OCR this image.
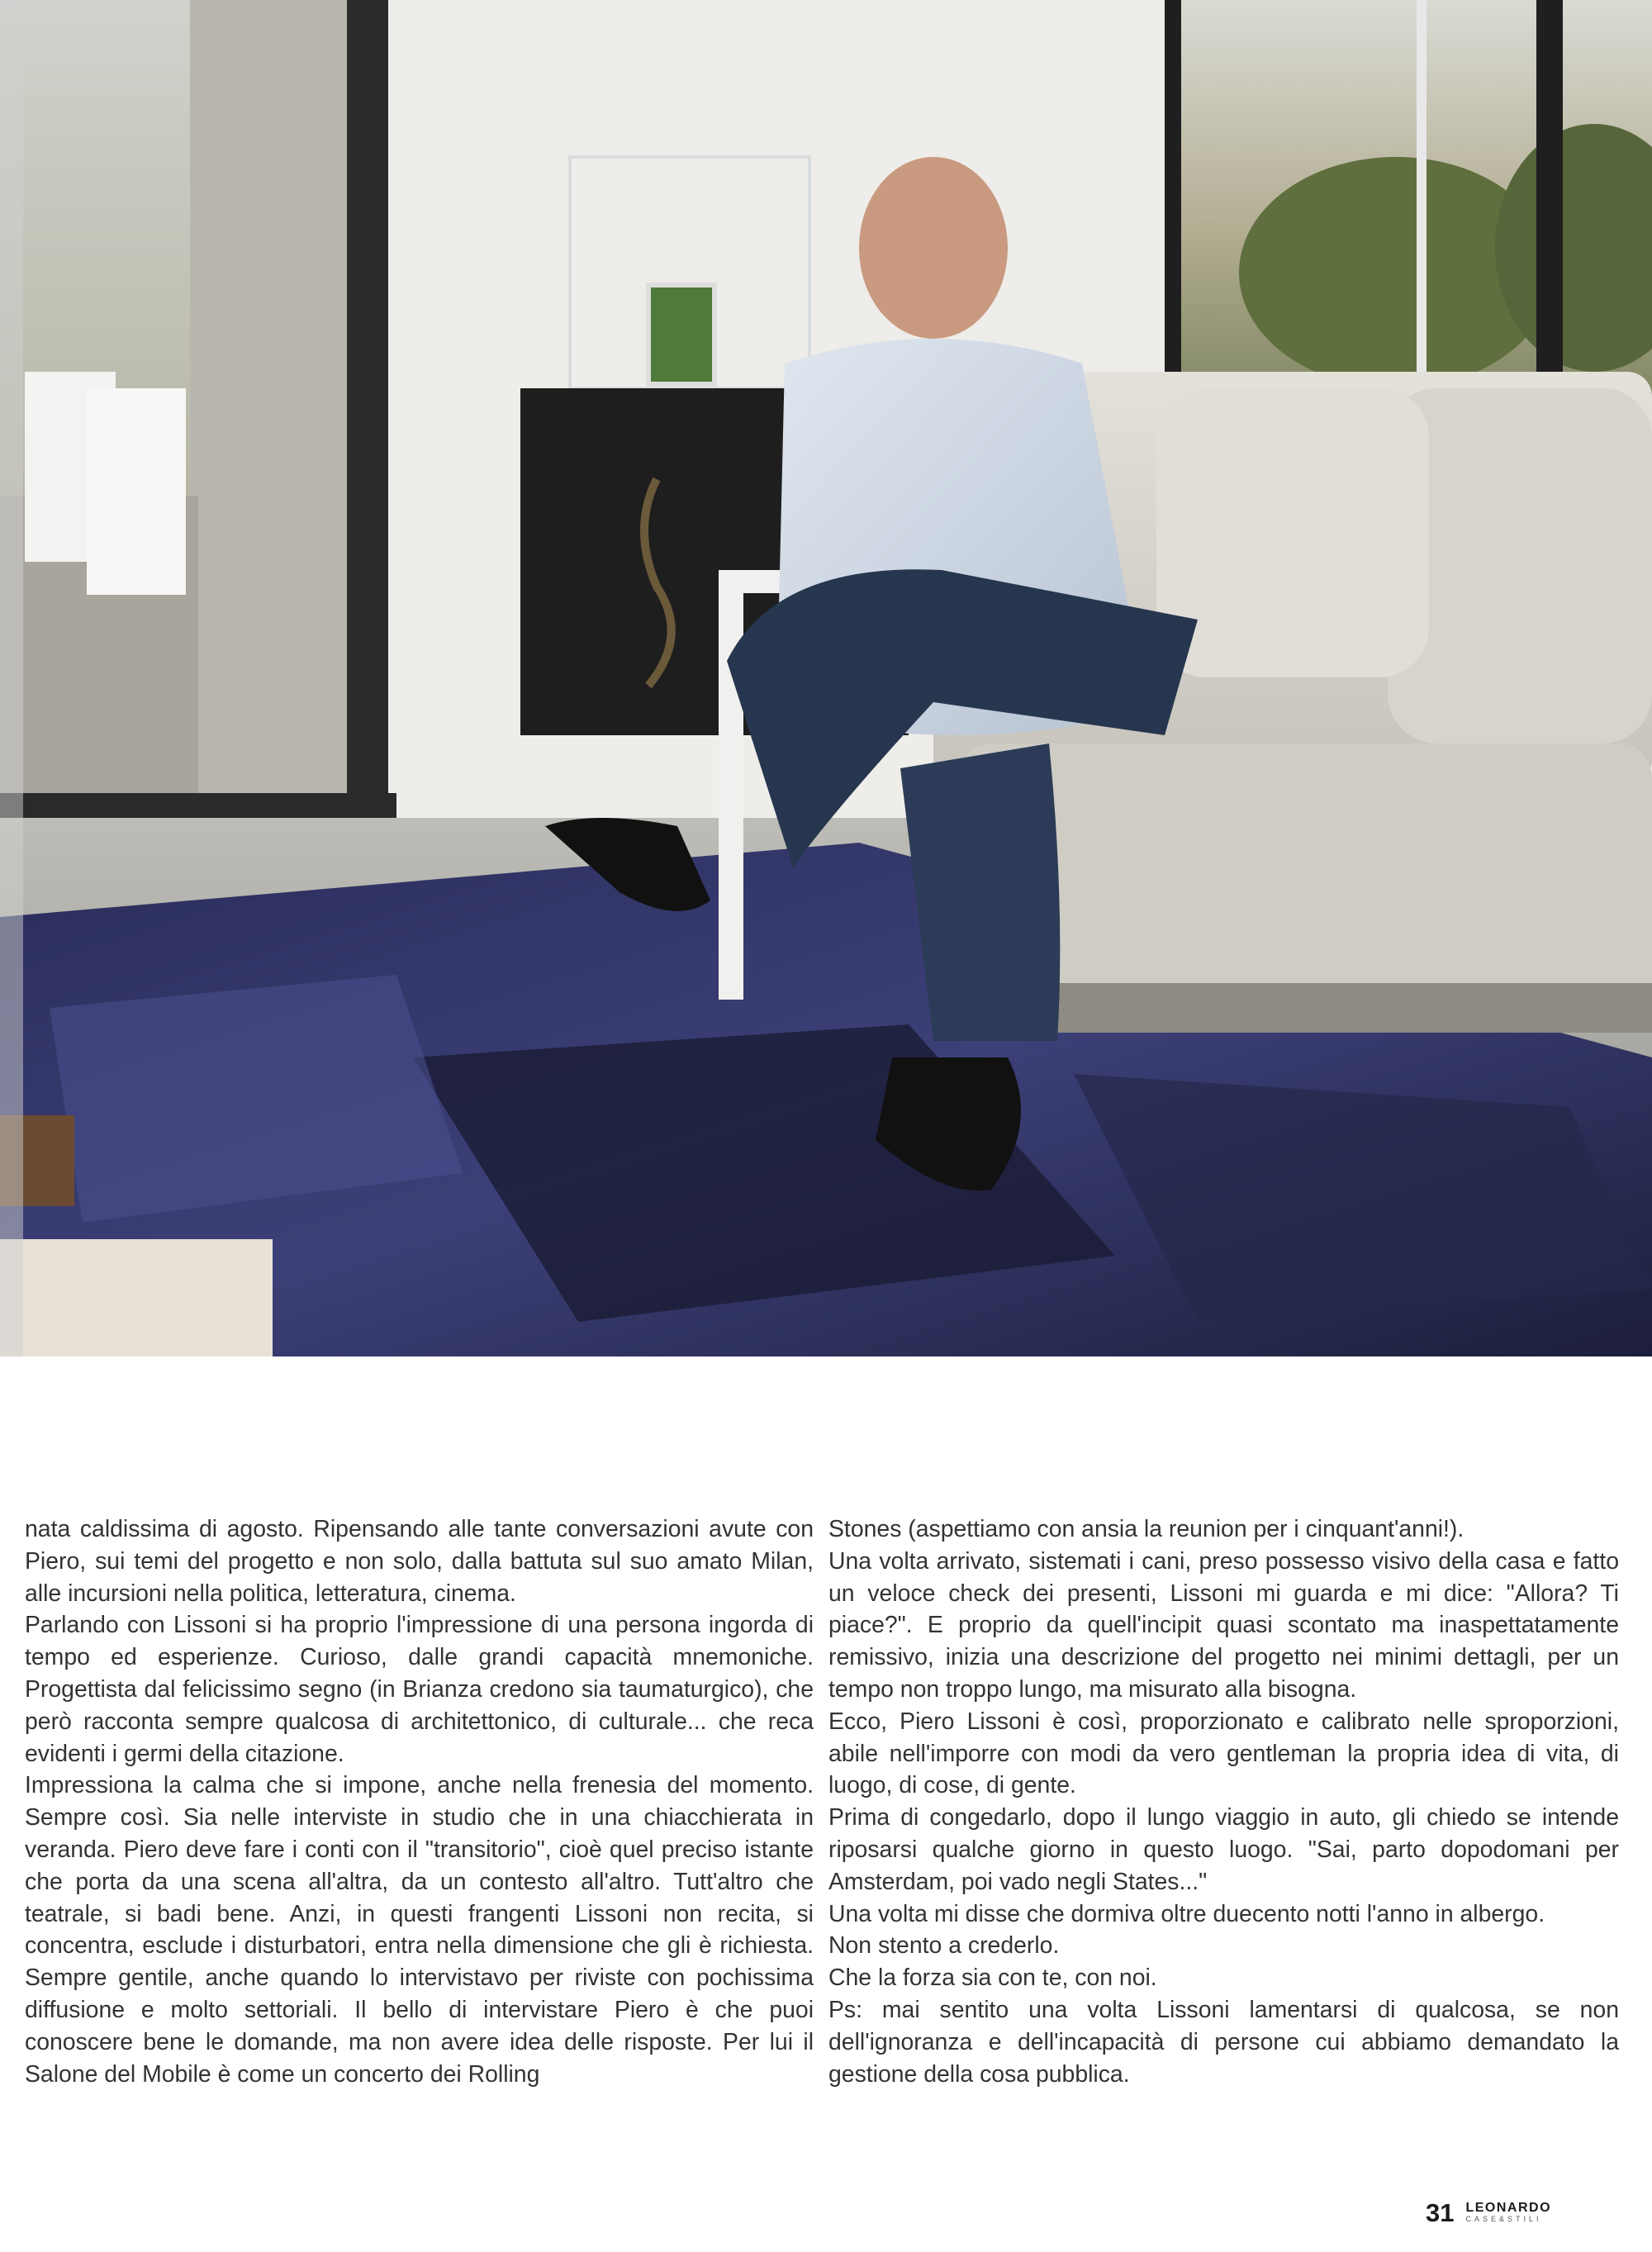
nata caldissima di agosto. Ripensando alle tante conversazioni avute con Piero, sui temi del progetto e non solo, dalla battuta sul suo amato Milan, alle incursioni nella politica, letteratura, cinema.

Parlando con Lissoni si ha proprio l'impressione di una persona ingorda di tempo ed esperienze. Curioso, dalle grandi capacità mnemoniche. Progettista dal felicissimo segno (in Brianza credono sia taumaturgico), che però racconta sempre qualcosa di architettonico, di culturale... che reca evidenti i germi della citazione.

Impressiona la calma che si impone, anche nella frenesia del momento. Sempre così. Sia nelle interviste in studio che in una chiacchierata in veranda. Piero deve fare i conti con il "transitorio", cioè quel preciso istante che porta da una scena all'altra, da un contesto all'altro. Tutt'altro che teatrale, si badi bene. Anzi, in questi frangenti Lissoni non recita, si concentra, esclude i disturbatori, entra nella dimensione che gli è richiesta. Sempre gentile, anche quando lo intervistavo per riviste con pochissima diffusione e molto settoriali. Il bello di intervistare Piero è che puoi conoscere bene le domande, ma non avere idea delle risposte. Per lui il Salone del Mobile è come un concerto dei Rolling

Stones (aspettiamo con ansia la reunion per i cinquant'anni!).

Una volta arrivato, sistemati i cani, preso possesso visivo della casa e fatto un veloce check dei presenti, Lissoni mi guarda e mi dice: "Allora? Ti piace?". E proprio da quell'incipit quasi scontato ma inaspettatamente remissivo, inizia una descrizione del progetto nei minimi dettagli, per un tempo non troppo lungo, ma misurato alla bisogna.

Ecco, Piero Lissoni è così, proporzionato e calibrato nelle sproporzioni, abile nell'imporre con modi da vero gentleman la propria idea di vita, di luogo, di cose, di gente.

Prima di congedarlo, dopo il lungo viaggio in auto, gli chiedo se intende riposarsi qualche giorno in questo luogo. "Sai, parto dopodomani per Amsterdam, poi vado negli States..."

Una volta mi disse che dormiva oltre duecento notti l'anno in albergo.

Non stento a crederlo.

Che la forza sia con te, con noi.

Ps: mai sentito una volta Lissoni lamentarsi di qualcosa, se non dell'ignoranza e dell'incapacità di persone cui abbiamo demandato la gestione della cosa pubblica.

31 LEONARDO
CASE&STILI
